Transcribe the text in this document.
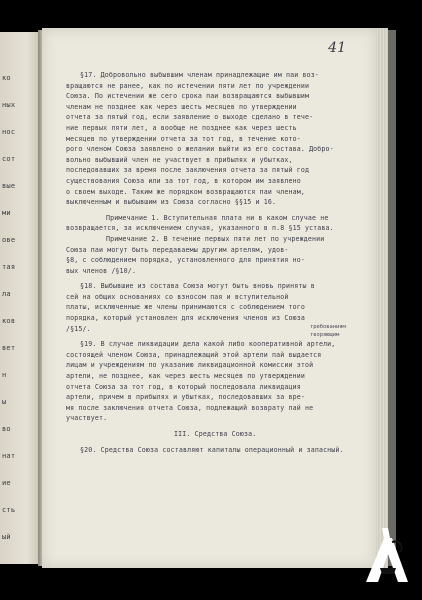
ко
ных
нос
сот
вые
ми
ове
тая
ла
ков
вет
н
ы
во
нат
ие
сть
ый
41
§17. Добровольно выбывшим членам принадлежащие им паи воз-
вращаются не ранее, как по истечении пяти лет по учреждении
Союза. По истечении же сего срока паи возвращаются выбывшим
членам не позднее как через шесть месяцев по утверждении
отчета за пятый год, если заявление о выходе сделано в тече-
ние первых пяти лет, а вообще не позднее как через шесть
месяцев по утверждении отчета за тот год, в течение кото-
рого членом Союза заявлено о желании выйти из его состава. Добро-
вольно выбывший член не участвует в прибылях и убытках,
последовавших за время после заключения отчета за пятый год
существования Союза или за тот год, в котором им заявлено
о своем выходе. Таким же порядком возвращаются паи членам,
выключенным и выбывшим из Союза согласно §§15 и 16.
Примечание 1. Вступительная плата ни в каком случае не
возвращается, за исключением случая, указанного в п.8 §15 устава.
Примечание 2. В течение первых пяти лет по учреждении
Союза паи могут быть передаваемы другим артелям, удов-
§8, с соблюдением порядка, установленного для принятия но-
вых членов /§10/.
§18. Выбывшие из состава Союза могут быть вновь приняты в
сей на общих основаниях со взносом пая и вступительной
платы, исключенные же члены принимаются с соблюдением того
порядка, который установлен для исключения членов из Союза
/§15/.
§19. В случае ликвидации дела какой либо кооперативной артели,
состоящей членом Союза, принадлежащий этой артели пай выдается
лицам и учреждениям по указанию ликвидационной комиссии этой
артели, не позднее, как через шесть месяцев по утверждении
отчета Союза за тот год, в который последовала ликвидация
артели, причем в прибылях и убытках, последовавших за вре-
мя после заключения отчета Союза, подлежащий возврату пай не
участвует.
III. Средства Союза.
§20. Средства Союза составляют капиталы операционный и запасный.
требованиям
творяющим
